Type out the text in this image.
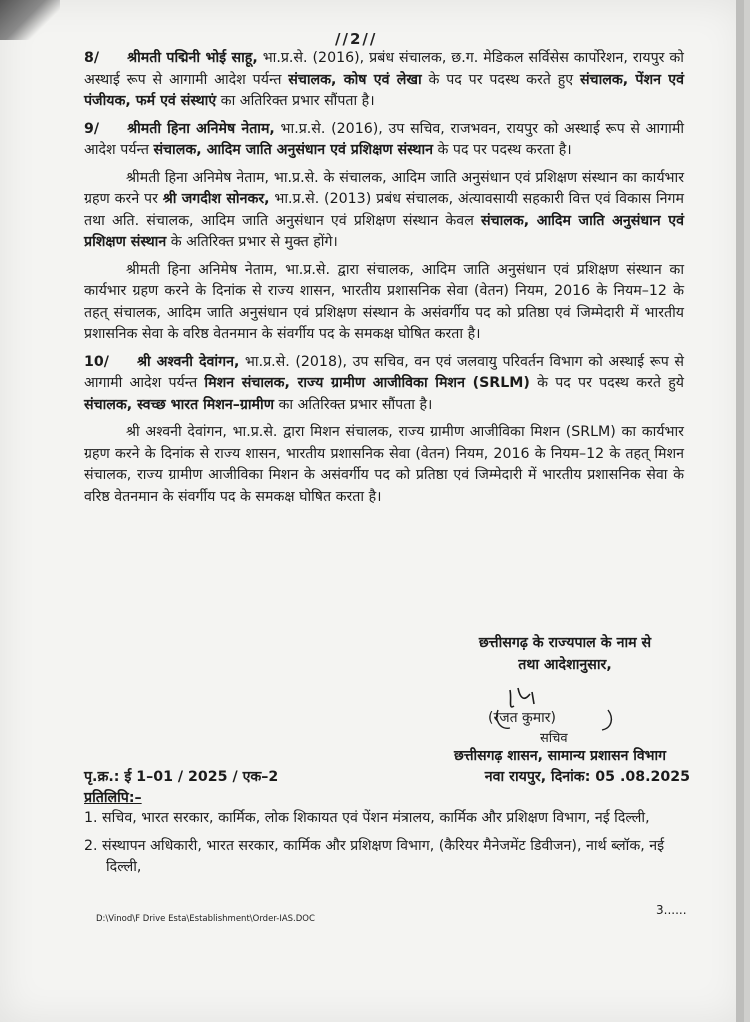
//2//

8/ श्रीमती पद्मिनी भोई साहू, भा.प्र.से. (2016), प्रबंध संचालक, छ.ग. मेडिकल सर्विसेस कार्पोरेशन, रायपुर को अस्थाई रूप से आगामी आदेश पर्यन्त संचालक, कोष एवं लेखा के पद पर पदस्थ करते हुए संचालक, पेंशन एवं पंजीयक, फर्म एवं संस्थाएं का अतिरिक्त प्रभार सौंपता है।

9/ श्रीमती हिना अनिमेष नेताम, भा.प्र.से. (2016), उप सचिव, राजभवन, रायपुर को अस्थाई रूप से आगामी आदेश पर्यन्त संचालक, आदिम जाति अनुसंधान एवं प्रशिक्षण संस्थान के पद पर पदस्थ करता है।

श्रीमती हिना अनिमेष नेताम, भा.प्र.से. के संचालक, आदिम जाति अनुसंधान एवं प्रशिक्षण संस्थान का कार्यभार ग्रहण करने पर श्री जगदीश सोनकर, भा.प्र.से. (2013) प्रबंध संचालक, अंत्यावसायी सहकारी वित्त एवं विकास निगम तथा अति. संचालक, आदिम जाति अनुसंधान एवं प्रशिक्षण संस्थान केवल संचालक, आदिम जाति अनुसंधान एवं प्रशिक्षण संस्थान के अतिरिक्त प्रभार से मुक्त होंगे।

श्रीमती हिना अनिमेष नेताम, भा.प्र.से. द्वारा संचालक, आदिम जाति अनुसंधान एवं प्रशिक्षण संस्थान का कार्यभार ग्रहण करने के दिनांक से राज्य शासन, भारतीय प्रशासनिक सेवा (वेतन) नियम, 2016 के नियम–12 के तहत् संचालक, आदिम जाति अनुसंधान एवं प्रशिक्षण संस्थान के असंवर्गीय पद को प्रतिष्ठा एवं जिम्मेदारी में भारतीय प्रशासनिक सेवा के वरिष्ठ वेतनमान के संवर्गीय पद के समकक्ष घोषित करता है।

10/ श्री अश्वनी देवांगन, भा.प्र.से. (2018), उप सचिव, वन एवं जलवायु परिवर्तन विभाग को अस्थाई रूप से आगामी आदेश पर्यन्त मिशन संचालक, राज्य ग्रामीण आजीविका मिशन (SRLM) के पद पर पदस्थ करते हुये संचालक, स्वच्छ भारत मिशन–ग्रामीण का अतिरिक्त प्रभार सौंपता है।

श्री अश्वनी देवांगन, भा.प्र.से. द्वारा मिशन संचालक, राज्य ग्रामीण आजीविका मिशन (SRLM) का कार्यभार ग्रहण करने के दिनांक से राज्य शासन, भारतीय प्रशासनिक सेवा (वेतन) नियम, 2016 के नियम–12 के तहत् मिशन संचालक, राज्य ग्रामीण आजीविका मिशन के असंवर्गीय पद को प्रतिष्ठा एवं जिम्मेदारी में भारतीय प्रशासनिक सेवा के वरिष्ठ वेतनमान के संवर्गीय पद के समकक्ष घोषित करता है।

छत्तीसगढ़ के राज्यपाल के नाम से
तथा आदेशानुसार,
(रजत कुमार)
सचिव
छत्तीसगढ़ शासन, सामान्य प्रशासन विभाग
पृ.क्र.: ई 1–01 / 2025 / एक–2	नवा रायपुर, दिनांक: 05 .08.2025
प्रतिलिपि:–
1. सचिव, भारत सरकार, कार्मिक, लोक शिकायत एवं पेंशन मंत्रालय, कार्मिक और प्रशिक्षण विभाग, नई दिल्ली,
2. संस्थापन अधिकारी, भारत सरकार, कार्मिक और प्रशिक्षण विभाग, (कैरियर मैनेजमेंट डिवीजन), नार्थ ब्लॉक, नई दिल्ली,
3......
D:\Vinod\F Drive Esta\Establishment\Order-IAS.DOC
